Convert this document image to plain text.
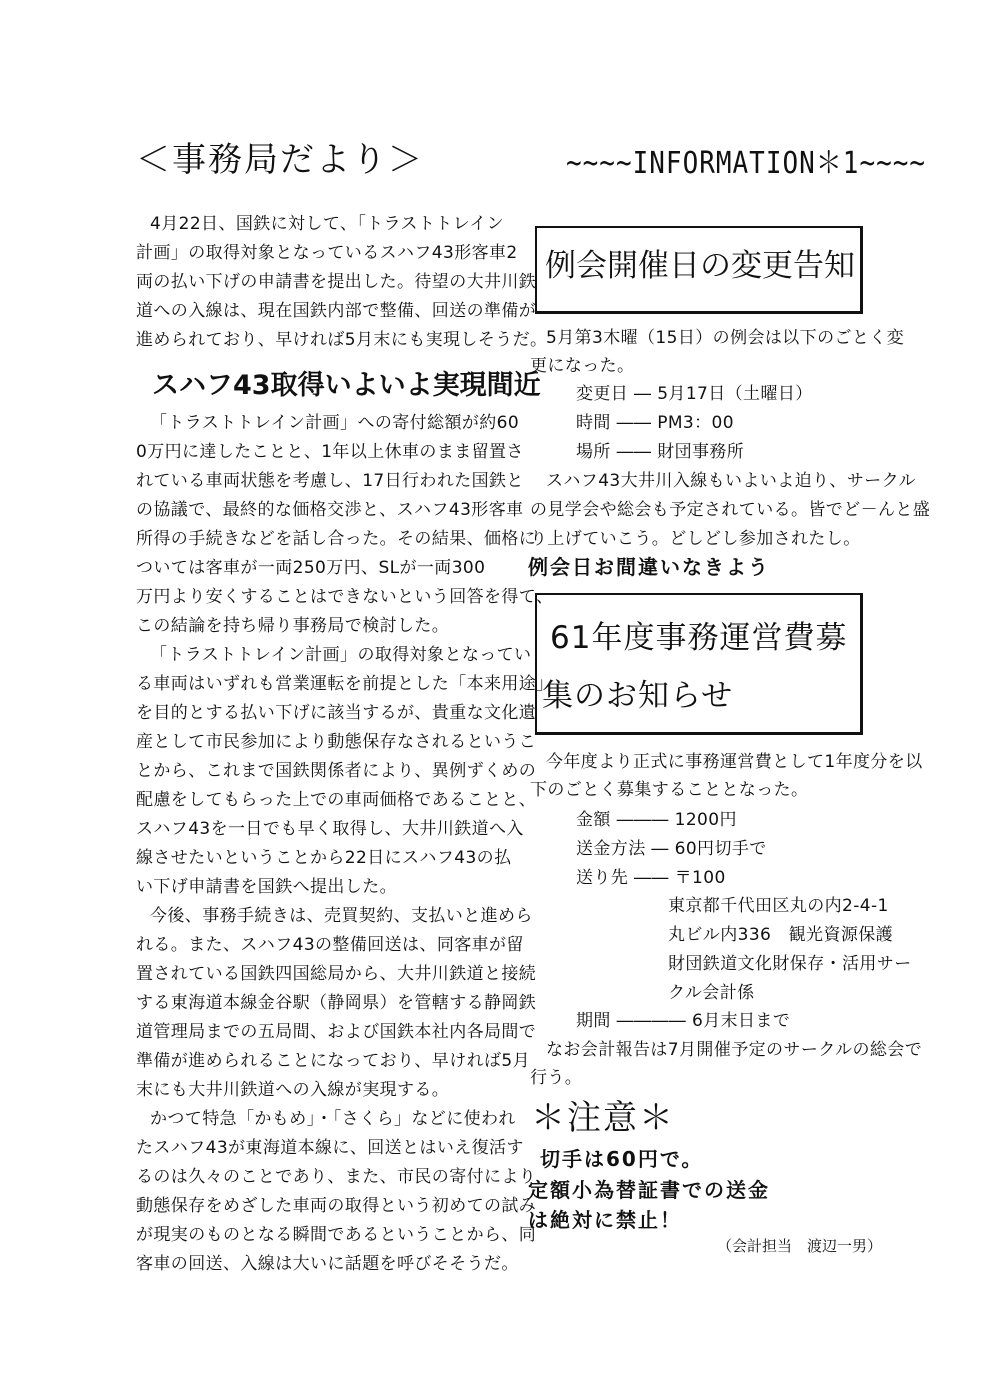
＜事務局だより＞
4月22日、国鉄に対して、「トラストトレイン
計画」の取得対象となっているスハフ43形客車2
両の払い下げの申請書を提出した。待望の大井川鉄
道への入線は、現在国鉄内部で整備、回送の準備が
進められており、早ければ5月末にも実現しそうだ。
スハフ43取得いよいよ実現間近
「トラストトレイン計画」への寄付総額が約60
0万円に達したことと、1年以上休車のまま留置さ
れている車両状態を考慮し、17日行われた国鉄と
の協議で、最終的な価格交渉と、スハフ43形客車
所得の手続きなどを話し合った。その結果、価格に
ついては客車が一両250万円、SLが一両300
万円より安くすることはできないという回答を得て、
この結論を持ち帰り事務局で検討した。
「トラストトレイン計画」の取得対象となってい
る車両はいずれも営業運転を前提とした「本来用途」
を目的とする払い下げに該当するが、貴重な文化遺
産として市民参加により動態保存なされるというこ
とから、これまで国鉄関係者により、異例ずくめの
配慮をしてもらった上での車両価格であることと、
スハフ43を一日でも早く取得し、大井川鉄道へ入
線させたいということから22日にスハフ43の払
い下げ申請書を国鉄へ提出した。
今後、事務手続きは、売買契約、支払いと進めら
れる。また、スハフ43の整備回送は、同客車が留
置されている国鉄四国総局から、大井川鉄道と接続
する東海道本線金谷駅（静岡県）を管轄する静岡鉄
道管理局までの五局間、および国鉄本社内各局間で
準備が進められることになっており、早ければ5月
末にも大井川鉄道への入線が実現する。
かつて特急「かもめ」・「さくら」などに使われ
たスハフ43が東海道本線に、回送とはいえ復活す
るのは久々のことであり、また、市民の寄付により
動態保存をめざした車両の取得という初めての試み
が現実のものとなる瞬間であるということから、同
客車の回送、入線は大いに話題を呼びそそうだ。
~~~~INFORMATION＊1~~~~
例会開催日の変更告知
5月第3木曜（15日）の例会は以下のごとく変
更になった。
変更日 ― 5月17日（土曜日）
時間 ―― PM3：00
場所 ―― 財団事務所
スハフ43大井川入線もいよいよ迫り、サークル
の見学会や総会も予定されている。皆でど－んと盛
り上げていこう。どしどし参加されたし。
例会日お間違いなきよう
61年度事務運営費募
集のお知らせ
今年度より正式に事務運営費として1年度分を以
下のごとく募集することとなった。
金額 ――― 1200円
送金方法 ― 60円切手で
送り先 ―― 〒100
東京都千代田区丸の内2-4-1
丸ビル内336　観光資源保護
財団鉄道文化財保存・活用サー
クル会計係
期間 ―――― 6月末日まで
なお会計報告は7月開催予定のサークルの総会で
行う。
＊注意＊
切手は60円で。
定額小為替証書での送金
は絶対に禁止！
（会計担当　渡辺一男）
